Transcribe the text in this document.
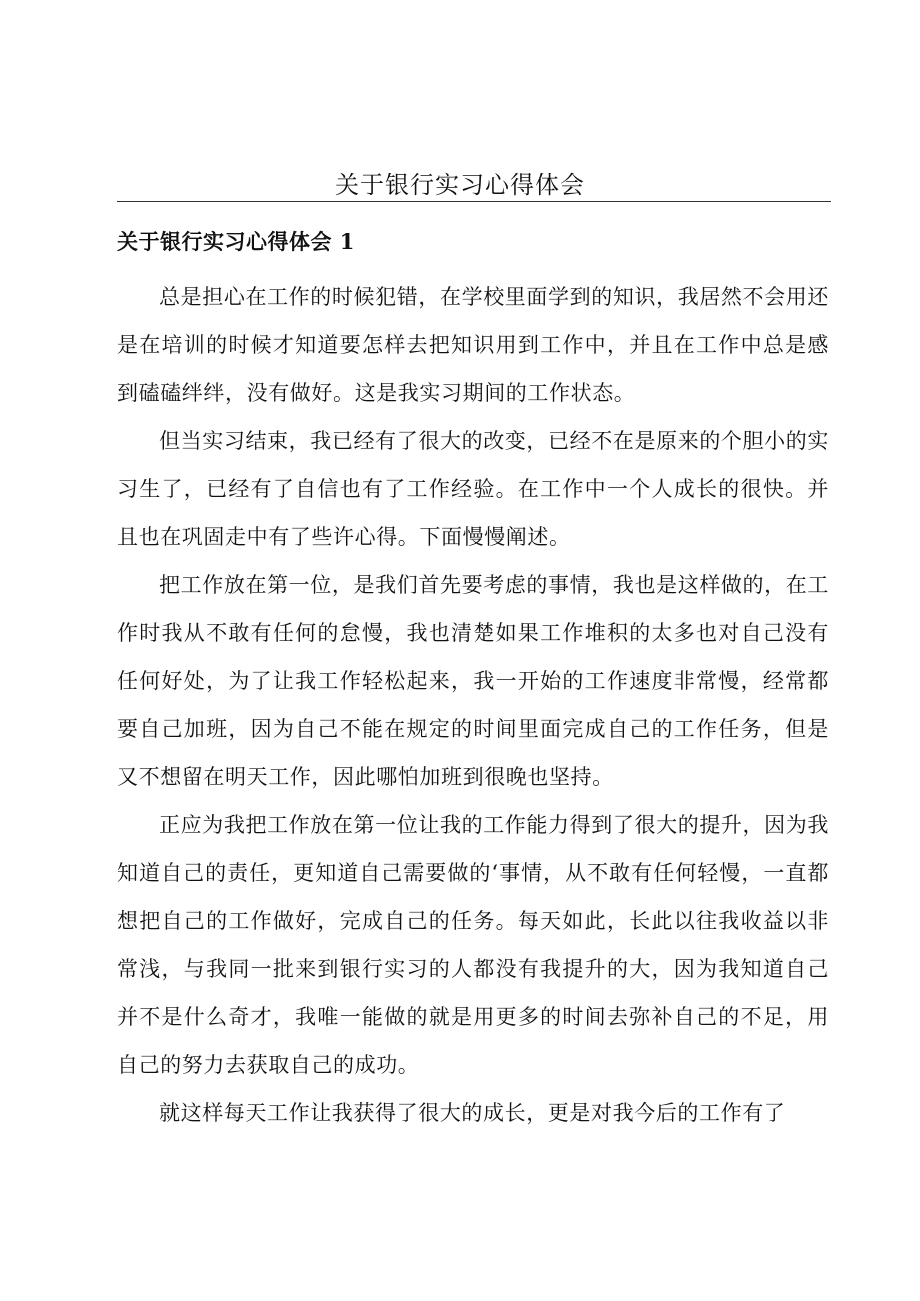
关于银行实习心得体会
关于银行实习心得体会 1

总是担心在工作的时候犯错，在学校里面学到的知识，我居然不会用还是在培训的时候才知道要怎样去把知识用到工作中，并且在工作中总是感到磕磕绊绊，没有做好。这是我实习期间的工作状态。

但当实习结束，我已经有了很大的改变，已经不在是原来的个胆小的实习生了，已经有了自信也有了工作经验。在工作中一个人成长的很快。并且也在巩固走中有了些许心得。下面慢慢阐述。

把工作放在第一位，是我们首先要考虑的事情，我也是这样做的，在工作时我从不敢有任何的怠慢，我也清楚如果工作堆积的太多也对自己没有任何好处，为了让我工作轻松起来，我一开始的工作速度非常慢，经常都要自己加班，因为自己不能在规定的时间里面完成自己的工作任务，但是又不想留在明天工作，因此哪怕加班到很晚也坚持。

正应为我把工作放在第一位让我的工作能力得到了很大的提升，因为我知道自己的责任，更知道自己需要做的‘事情，从不敢有任何轻慢，一直都想把自己的工作做好，完成自己的任务。每天如此，长此以往我收益以非常浅，与我同一批来到银行实习的人都没有我提升的大，因为我知道自己并不是什么奇才，我唯一能做的就是用更多的时间去弥补自己的不足，用自己的努力去获取自己的成功。

就这样每天工作让我获得了很大的成长，更是对我今后的工作有了
